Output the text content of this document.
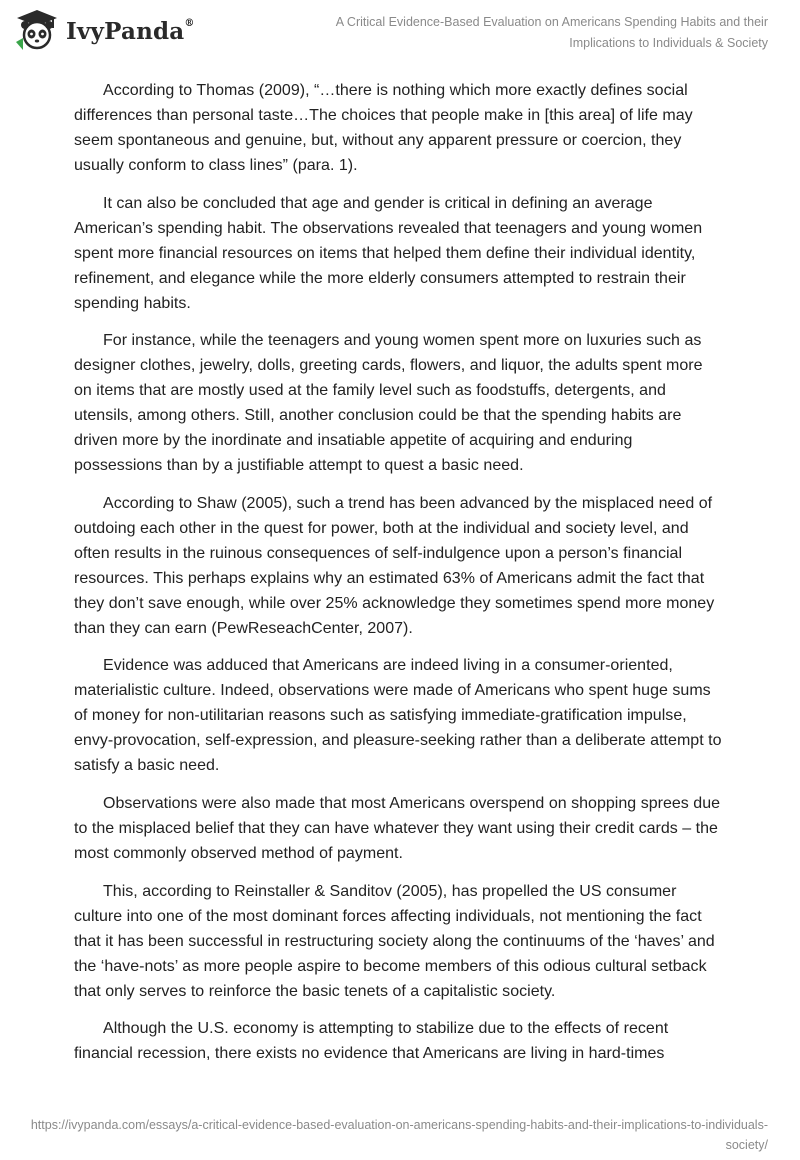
IvyPanda®	A Critical Evidence-Based Evaluation on Americans Spending Habits and their Implications to Individuals & Society

According to Thomas (2009), “…there is nothing which more exactly defines social differences than personal taste…The choices that people make in [this area] of life may seem spontaneous and genuine, but, without any apparent pressure or coercion, they usually conform to class lines” (para. 1).

It can also be concluded that age and gender is critical in defining an average American’s spending habit. The observations revealed that teenagers and young women spent more financial resources on items that helped them define their individual identity, refinement, and elegance while the more elderly consumers attempted to restrain their spending habits.

For instance, while the teenagers and young women spent more on luxuries such as designer clothes, jewelry, dolls, greeting cards, flowers, and liquor, the adults spent more on items that are mostly used at the family level such as foodstuffs, detergents, and utensils, among others. Still, another conclusion could be that the spending habits are driven more by the inordinate and insatiable appetite of acquiring and enduring possessions than by a justifiable attempt to quest a basic need.

According to Shaw (2005), such a trend has been advanced by the misplaced need of outdoing each other in the quest for power, both at the individual and society level, and often results in the ruinous consequences of self-indulgence upon a person’s financial resources. This perhaps explains why an estimated 63% of Americans admit the fact that they don’t save enough, while over 25% acknowledge they sometimes spend more money than they can earn (PewReseachCenter, 2007).

Evidence was adduced that Americans are indeed living in a consumer-oriented, materialistic culture. Indeed, observations were made of Americans who spent huge sums of money for non-utilitarian reasons such as satisfying immediate-gratification impulse, envy-provocation, self-expression, and pleasure-seeking rather than a deliberate attempt to satisfy a basic need.

Observations were also made that most Americans overspend on shopping sprees due to the misplaced belief that they can have whatever they want using their credit cards – the most commonly observed method of payment.

This, according to Reinstaller & Sanditov (2005), has propelled the US consumer culture into one of the most dominant forces affecting individuals, not mentioning the fact that it has been successful in restructuring society along the continuums of the ‘haves’ and the ‘have-nots’ as more people aspire to become members of this odious cultural setback that only serves to reinforce the basic tenets of a capitalistic society.

Although the U.S. economy is attempting to stabilize due to the effects of recent financial recession, there exists no evidence that Americans are living in hard-times

https://ivypanda.com/essays/a-critical-evidence-based-evaluation-on-americans-spending-habits-and-their-implications-to-individuals-society/
